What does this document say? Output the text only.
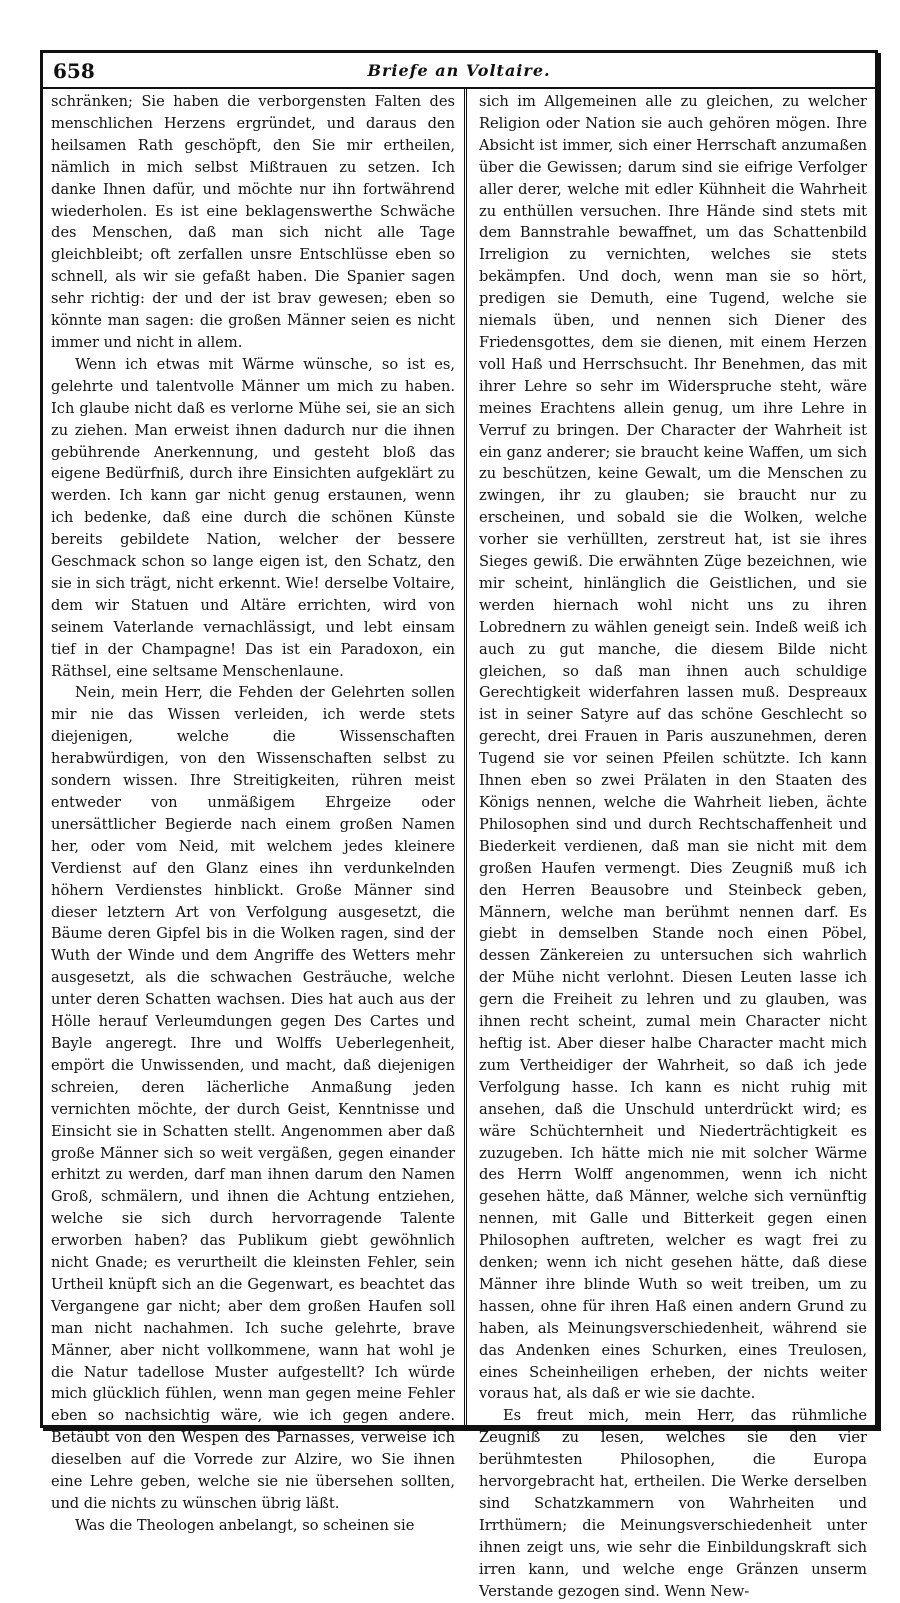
658	Briefe an Voltaire.

schränken; Sie haben die verborgensten Falten des menschlichen Herzens ergründet, und daraus den heilsamen Rath geschöpft, den Sie mir ertheilen, nämlich in mich selbst Mißtrauen zu setzen. Ich danke Ihnen dafür, und möchte nur ihn fortwährend wiederholen. Es ist eine beklagenswerthe Schwäche des Menschen, daß man sich nicht alle Tage gleichbleibt; oft zerfallen unsre Entschlüsse eben so schnell, als wir sie gefaßt haben. Die Spanier sagen sehr richtig: der und der ist brav gewesen; eben so könnte man sagen: die großen Männer seien es nicht immer und nicht in allem.

Wenn ich etwas mit Wärme wünsche, so ist es, gelehrte und talentvolle Männer um mich zu haben. Ich glaube nicht daß es verlorne Mühe sei, sie an sich zu ziehen. Man erweist ihnen dadurch nur die ihnen gebührende Anerkennung, und gesteht bloß das eigene Bedürfniß, durch ihre Einsichten aufgeklärt zu werden. Ich kann gar nicht genug erstaunen, wenn ich bedenke, daß eine durch die schönen Künste bereits gebildete Nation, welcher der bessere Geschmack schon so lange eigen ist, den Schatz, den sie in sich trägt, nicht erkennt. Wie! derselbe Voltaire, dem wir Statuen und Altäre errichten, wird von seinem Vaterlande vernachlässigt, und lebt einsam tief in der Champagne! Das ist ein Paradoxon, ein Räthsel, eine seltsame Menschenlaune.

Nein, mein Herr, die Fehden der Gelehrten sollen mir nie das Wissen verleiden, ich werde stets diejenigen, welche die Wissenschaften herabwürdigen, von den Wissenschaften selbst zu sondern wissen. Ihre Streitigkeiten, rühren meist entweder von unmäßigem Ehrgeize oder unersättlicher Begierde nach einem großen Namen her, oder vom Neid, mit welchem jedes kleinere Verdienst auf den Glanz eines ihn verdunkelnden höhern Verdienstes hinblickt. Große Männer sind dieser letztern Art von Verfolgung ausgesetzt, die Bäume deren Gipfel bis in die Wolken ragen, sind der Wuth der Winde und dem Angriffe des Wetters mehr ausgesetzt, als die schwachen Gesträuche, welche unter deren Schatten wachsen. Dies hat auch aus der Hölle herauf Verleumdungen gegen Des Cartes und Bayle angeregt. Ihre und Wolffs Ueberlegenheit, empört die Unwissenden, und macht, daß diejenigen schreien, deren lächerliche Anmaßung jeden vernichten möchte, der durch Geist, Kenntnisse und Einsicht sie in Schatten stellt. Angenommen aber daß große Männer sich so weit vergäßen, gegen einander erhitzt zu werden, darf man ihnen darum den Namen Groß, schmälern, und ihnen die Achtung entziehen, welche sie sich durch hervorragende Talente erworben haben? das Publikum giebt gewöhnlich nicht Gnade; es verurtheilt die kleinsten Fehler, sein Urtheil knüpft sich an die Gegenwart, es beachtet das Vergangene gar nicht; aber dem großen Haufen soll man nicht nachahmen. Ich suche gelehrte, brave Männer, aber nicht vollkommene, wann hat wohl je die Natur tadellose Muster aufgestellt? Ich würde mich glücklich fühlen, wenn man gegen meine Fehler eben so nachsichtig wäre, wie ich gegen andere. Betäubt von den Wespen des Parnasses, verweise ich dieselben auf die Vorrede zur Alzire, wo Sie ihnen eine Lehre geben, welche sie nie übersehen sollten, und die nichts zu wünschen übrig läßt.

Was die Theologen anbelangt, so scheinen sie

sich im Allgemeinen alle zu gleichen, zu welcher Religion oder Nation sie auch gehören mögen. Ihre Absicht ist immer, sich einer Herrschaft anzumaßen über die Gewissen; darum sind sie eifrige Verfolger aller derer, welche mit edler Kühnheit die Wahrheit zu enthüllen versuchen. Ihre Hände sind stets mit dem Bannstrahle bewaffnet, um das Schattenbild Irreligion zu vernichten, welches sie stets bekämpfen. Und doch, wenn man sie so hört, predigen sie Demuth, eine Tugend, welche sie niemals üben, und nennen sich Diener des Friedensgottes, dem sie dienen, mit einem Herzen voll Haß und Herrschsucht. Ihr Benehmen, das mit ihrer Lehre so sehr im Widerspruche steht, wäre meines Erachtens allein genug, um ihre Lehre in Verruf zu bringen. Der Character der Wahrheit ist ein ganz anderer; sie braucht keine Waffen, um sich zu beschützen, keine Gewalt, um die Menschen zu zwingen, ihr zu glauben; sie braucht nur zu erscheinen, und sobald sie die Wolken, welche vorher sie verhüllten, zerstreut hat, ist sie ihres Sieges gewiß. Die erwähnten Züge bezeichnen, wie mir scheint, hinlänglich die Geistlichen, und sie werden hiernach wohl nicht uns zu ihren Lobrednern zu wählen geneigt sein. Indeß weiß ich auch zu gut manche, die diesem Bilde nicht gleichen, so daß man ihnen auch schuldige Gerechtigkeit widerfahren lassen muß. Despreaux ist in seiner Satyre auf das schöne Geschlecht so gerecht, drei Frauen in Paris auszunehmen, deren Tugend sie vor seinen Pfeilen schützte. Ich kann Ihnen eben so zwei Prälaten in den Staaten des Königs nennen, welche die Wahrheit lieben, ächte Philosophen sind und durch Rechtschaffenheit und Biederkeit verdienen, daß man sie nicht mit dem großen Haufen vermengt. Dies Zeugniß muß ich den Herren Beausobre und Steinbeck geben, Männern, welche man berühmt nennen darf. Es giebt in demselben Stande noch einen Pöbel, dessen Zänkereien zu untersuchen sich wahrlich der Mühe nicht verlohnt. Diesen Leuten lasse ich gern die Freiheit zu lehren und zu glauben, was ihnen recht scheint, zumal mein Character nicht heftig ist. Aber dieser halbe Character macht mich zum Vertheidiger der Wahrheit, so daß ich jede Verfolgung hasse. Ich kann es nicht ruhig mit ansehen, daß die Unschuld unterdrückt wird; es wäre Schüchternheit und Niederträchtigkeit es zuzugeben. Ich hätte mich nie mit solcher Wärme des Herrn Wolff angenommen, wenn ich nicht gesehen hätte, daß Männer, welche sich vernünftig nennen, mit Galle und Bitterkeit gegen einen Philosophen auftreten, welcher es wagt frei zu denken; wenn ich nicht gesehen hätte, daß diese Männer ihre blinde Wuth so weit treiben, um zu hassen, ohne für ihren Haß einen andern Grund zu haben, als Meinungsverschiedenheit, während sie das Andenken eines Schurken, eines Treulosen, eines Scheinheiligen erheben, der nichts weiter voraus hat, als daß er wie sie dachte.

Es freut mich, mein Herr, das rühmliche Zeugniß zu lesen, welches sie den vier berühmtesten Philosophen, die Europa hervorgebracht hat, ertheilen. Die Werke derselben sind Schatzkammern von Wahrheiten und Irrthümern; die Meinungsverschiedenheit unter ihnen zeigt uns, wie sehr die Einbildungskraft sich irren kann, und welche enge Gränzen unserm Verstande gezogen sind. Wenn New-
